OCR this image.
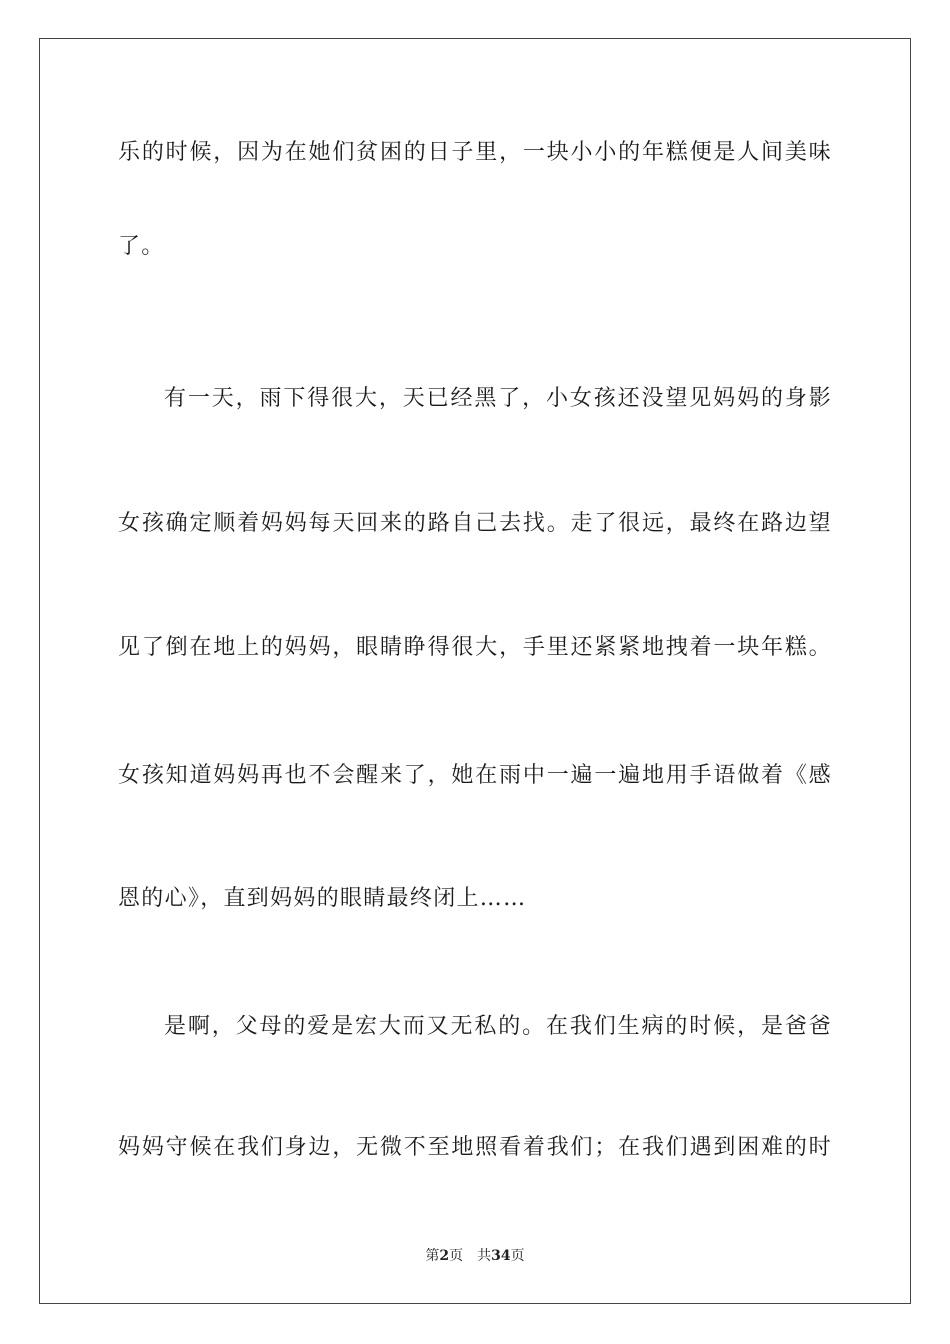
乐的时候，因为在她们贫困的日子里，一块小小的年糕便是人间美味
了。
有一天，雨下得很大，天已经黑了，小女孩还没望见妈妈的身影
女孩确定顺着妈妈每天回来的路自己去找。走了很远，最终在路边望
见了倒在地上的妈妈，眼睛睁得很大，手里还紧紧地拽着一块年糕。
女孩知道妈妈再也不会醒来了，她在雨中一遍一遍地用手语做着《感
恩的心》，直到妈妈的眼睛最终闭上……
是啊，父母的爱是宏大而又无私的。在我们生病的时候，是爸爸
妈妈守候在我们身边，无微不至地照看着我们；在我们遇到困难的时
第2页 共34页
